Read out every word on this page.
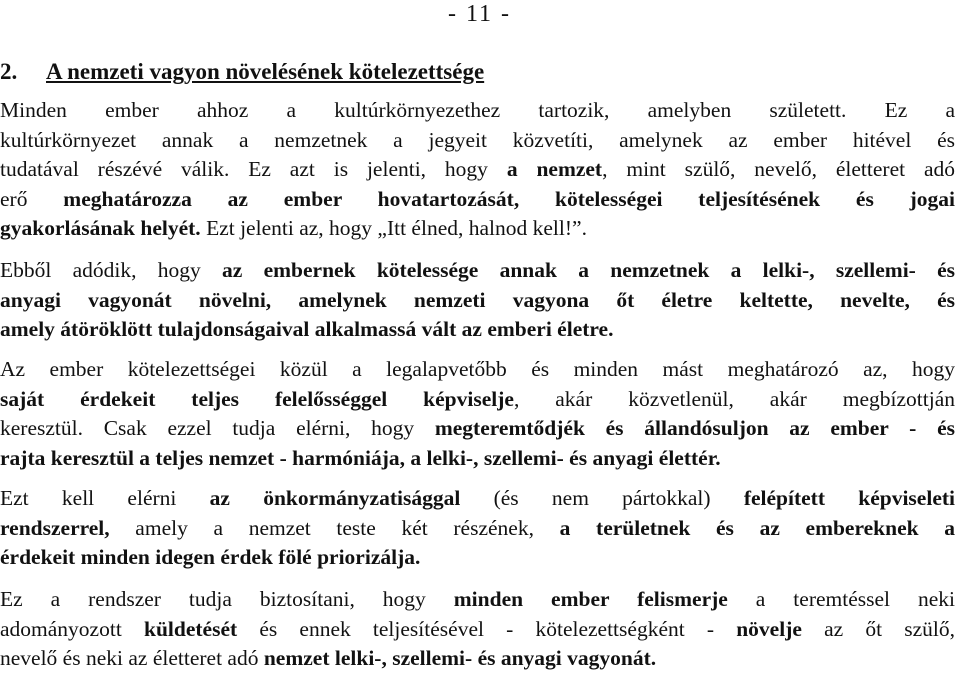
- 11 -
2. A nemzeti vagyon növelésének kötelezettsége
Minden ember ahhoz a kultúrkörnyezethez tartozik, amelyben született. Ez a
kultúrkörnyezet annak a nemzetnek a jegyeit közvetíti, amelynek az ember hitével és
tudatával részévé válik. Ez azt is jelenti, hogy a nemzet, mint szülő, nevelő, életteret adó
erő meghatározza az ember hovatartozását, kötelességei teljesítésének és jogai
gyakorlásának helyét. Ezt jelenti az, hogy „Itt élned, halnod kell!”.
Ebből adódik, hogy az embernek kötelessége annak a nemzetnek a lelki-, szellemi- és
anyagi vagyonát növelni, amelynek nemzeti vagyona őt életre keltette, nevelte, és
amely átöröklött tulajdonságaival alkalmassá vált az emberi életre.
Az ember kötelezettségei közül a legalapvetőbb és minden mást meghatározó az, hogy
saját érdekeit teljes felelősséggel képviselje, akár közvetlenül, akár megbízottján
keresztül. Csak ezzel tudja elérni, hogy megteremtődjék és állandósuljon az ember - és
rajta keresztül a teljes nemzet - harmóniája, a lelki-, szellemi- és anyagi élettér.
Ezt kell elérni az önkormányzatisággal (és nem pártokkal) felépített képviseleti
rendszerrel, amely a nemzet teste két részének, a területnek és az embereknek a
érdekeit minden idegen érdek fölé priorizálja.
Ez a rendszer tudja biztosítani, hogy minden ember felismerje a teremtéssel neki
adományozott küldetését és ennek teljesítésével - kötelezettségként - növelje az őt szülő,
nevelő és neki az életteret adó nemzet lelki-, szellemi- és anyagi vagyonát.
